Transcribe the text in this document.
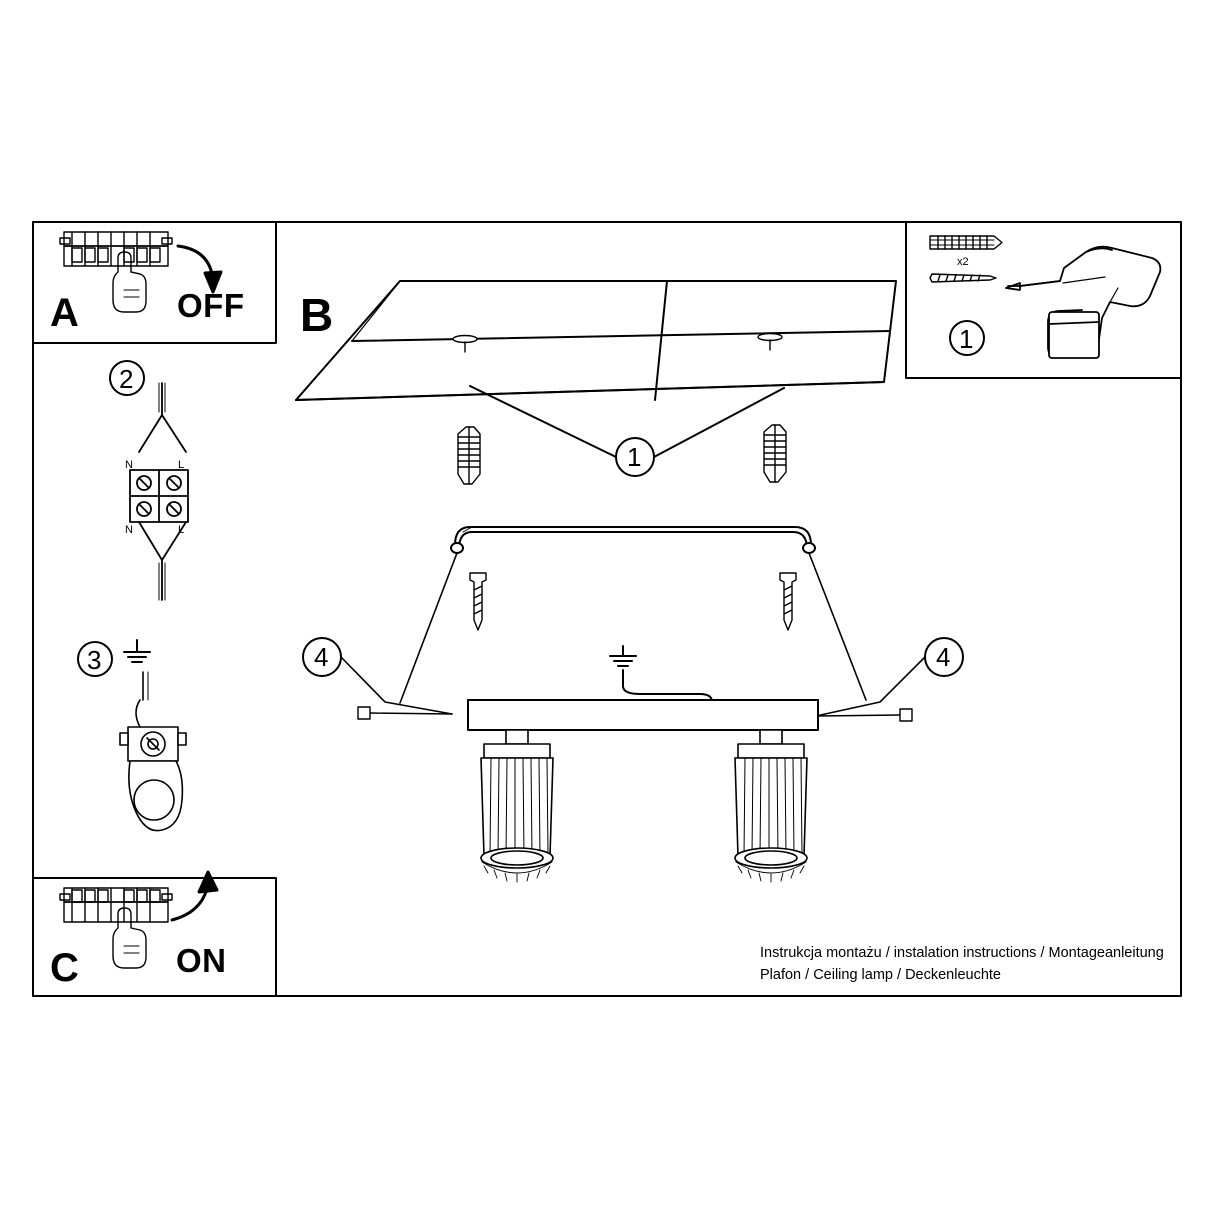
A	OFF B
C	ON
1
x2
2
N	L
N	L
3
1
4	4
Instrukcja montażu / instalation instructions / Montageanleitung
Plafon / Ceiling lamp / Deckenleuchte
